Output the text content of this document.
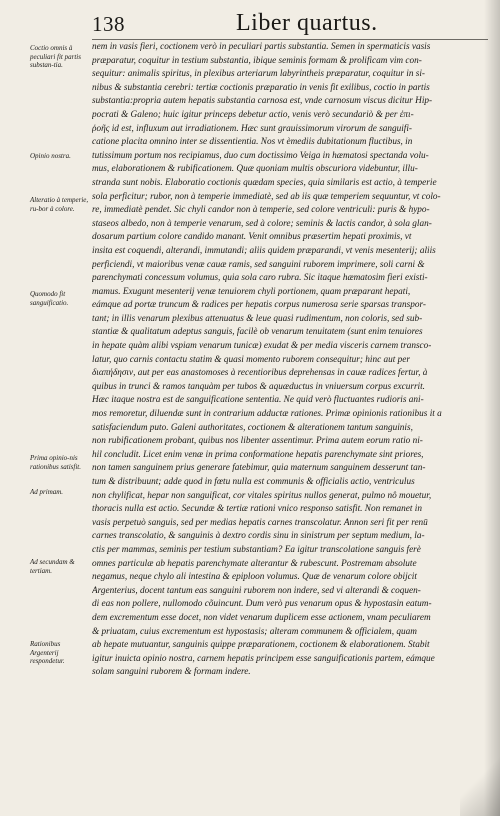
138	Liber quartus.
Coctio omnis à peculiari fit partis substan-tia.
Opinio nostra.
Alteratio à temperie, ru-bor à colore.
Quomodo fit sanguificatio.
Prima opinio-nis rationibus satisfit.
Ad primam.
Ad secundam & tertiam.
Rationibus Argenterij respondetur.
nem in vasis fieri, coctionem verò in peculiari partis substantia. Semen in spermaticis vasis
præparatur, coquitur in testium substantia, ibique seminis formam & prolificam vim con-
sequitur: animalis spiritus, in plexibus arteriarum labyrintheis præparatur, coquitur in si-
nibus & substantia cerebri: tertiæ coctionis præparatio in venis fit exilibus, coctio in partis
substantia:propria autem hepatis substantia carnosa est, vnde carnosum viscus dicitur Hip-
pocrati & Galeno; huic igitur princeps debetur actio, venis verò secundariò & per ἐπι-
ῥοῆς id est, influxum aut irradiationem. Hæc sunt grauissimorum virorum de sanguifi-
catione placita omnino inter se dissentientia. Nos vt èmediis dubitationum fluctibus, in
tutissimum portum nos recipiamus, duo cum doctissimo Veiga in hæmatosi spectanda volu-
mus, elaborationem & rubificationem. Quæ quoniam multis obscuriora videbuntur, illu-
stranda sunt nobis. Elaboratio coctionis quædam species, quia similaris est actio, à temperie
sola perficitur; rubor, non à temperie immediatè, sed ab iis quæ temperiem sequuntur, vt colo-
re, immediatè pendet. Sic chyli candor non à temperie, sed colore ventriculi: puris & hypo-
staseos albedo, non à temperie venarum, sed à colore; seminis & lactis candor, à sola glan-
dosarum partium colore candido manant. Venit omnibus præsertim hepati proximis, vt
insita est coquendi, alterandi, immutandi; aliis quidem præparandi, vt venis mesenterij; aliis
perficiendi, vt maioribus venæ cauæ ramis, sed sanguini ruborem imprimere, soli carni &
parenchymati concessum volumus, quia sola caro rubra. Sic itaque hæmatosim fieri existi-
mamus. Exugunt mesenterij venæ tenuiorem chyli portionem, quam præparant hepati,
eámque ad portæ truncum & radices per hepatis corpus numerosa serie sparsas transpor-
tant; in illis venarum plexibus attenuatus & leue quasi rudimentum, non coloris, sed sub-
stantiæ & qualitatum adeptus sanguis, facilè ob venarum tenuitatem (sunt enim tenuiores
in hepate quàm alibi vspiam venarum tunicæ) exudat & per media visceris carnem transco-
latur, quo carnis contactu statim & quasi momento ruborem consequitur; hinc aut per
διαπήδησιν, aut per eas anastomoses à recentioribus deprehensas in cauæ radices fertur, à
quibus in trunci & ramos tanquàm per tubos & aquæductus in vniuersum corpus excurrit.
Hæc itaque nostra est de sanguificatione sententia. Ne quid verò fluctuantes rudioris ani-
mos remoretur, diluendæ sunt in contrarium adductæ rationes. Primæ opinionis rationibus it a
satisfaciendum puto. Galeni authoritates, coctionem & alterationem tantum sanguinis,
non rubificationem probant, quibus nos libenter assentimur. Prima autem eorum ratio ni-
hil concludit. Licet enim venæ in prima conformatione hepatis parenchymate sint priores,
non tamen sanguinem prius generare fatebimur, quia maternum sanguinem desserunt tan-
tum & distribuunt; adde quod in fœtu nulla est communis & officialis actio, ventriculus
non chylificat, hepar non sanguificat, cor vitales spiritus nullos generat, pulmo nô mouetur,
thoracis nulla est actio. Secundæ & tertiæ rationi vnico responso satisfit. Non remanet in
vasis perpetuò sanguis, sed per medias hepatis carnes transcolatur. Annon seri fit per renū
carnes transcolatio, & sanguinis à dextro cordis sinu in sinistrum per septum medium, la-
ctis per mammas, seminis per testium substantiam? Ea igitur transcolatione sanguis ferè
omnes particulæ ab hepatis parenchymate alterantur & rubescunt. Postremam absolute
negamus, neque chylo ali intestina & epiploon volumus. Quæ de venarum colore obijcit
Argenterius, docent tantum eas sanguini ruborem non indere, sed vi alterandi & coquen-
di eas non pollere, nullomodo cõuincunt. Dum verò pus venarum opus & hypostasin eatum-
dem excrementum esse docet, non videt venarum duplicem esse actionem, vnam peculiarem
& priuatam, cuius excrementum est hypostasis; alteram communem & officialem, quam
ab hepate mutuantur, sanguinis quippe præparationem, coctionem & elaborationem. Stabit
igitur inuicta opinio nostra, carnem hepatis principem esse sanguificationis partem, eámque
solam sanguini ruborem & formam indere.
